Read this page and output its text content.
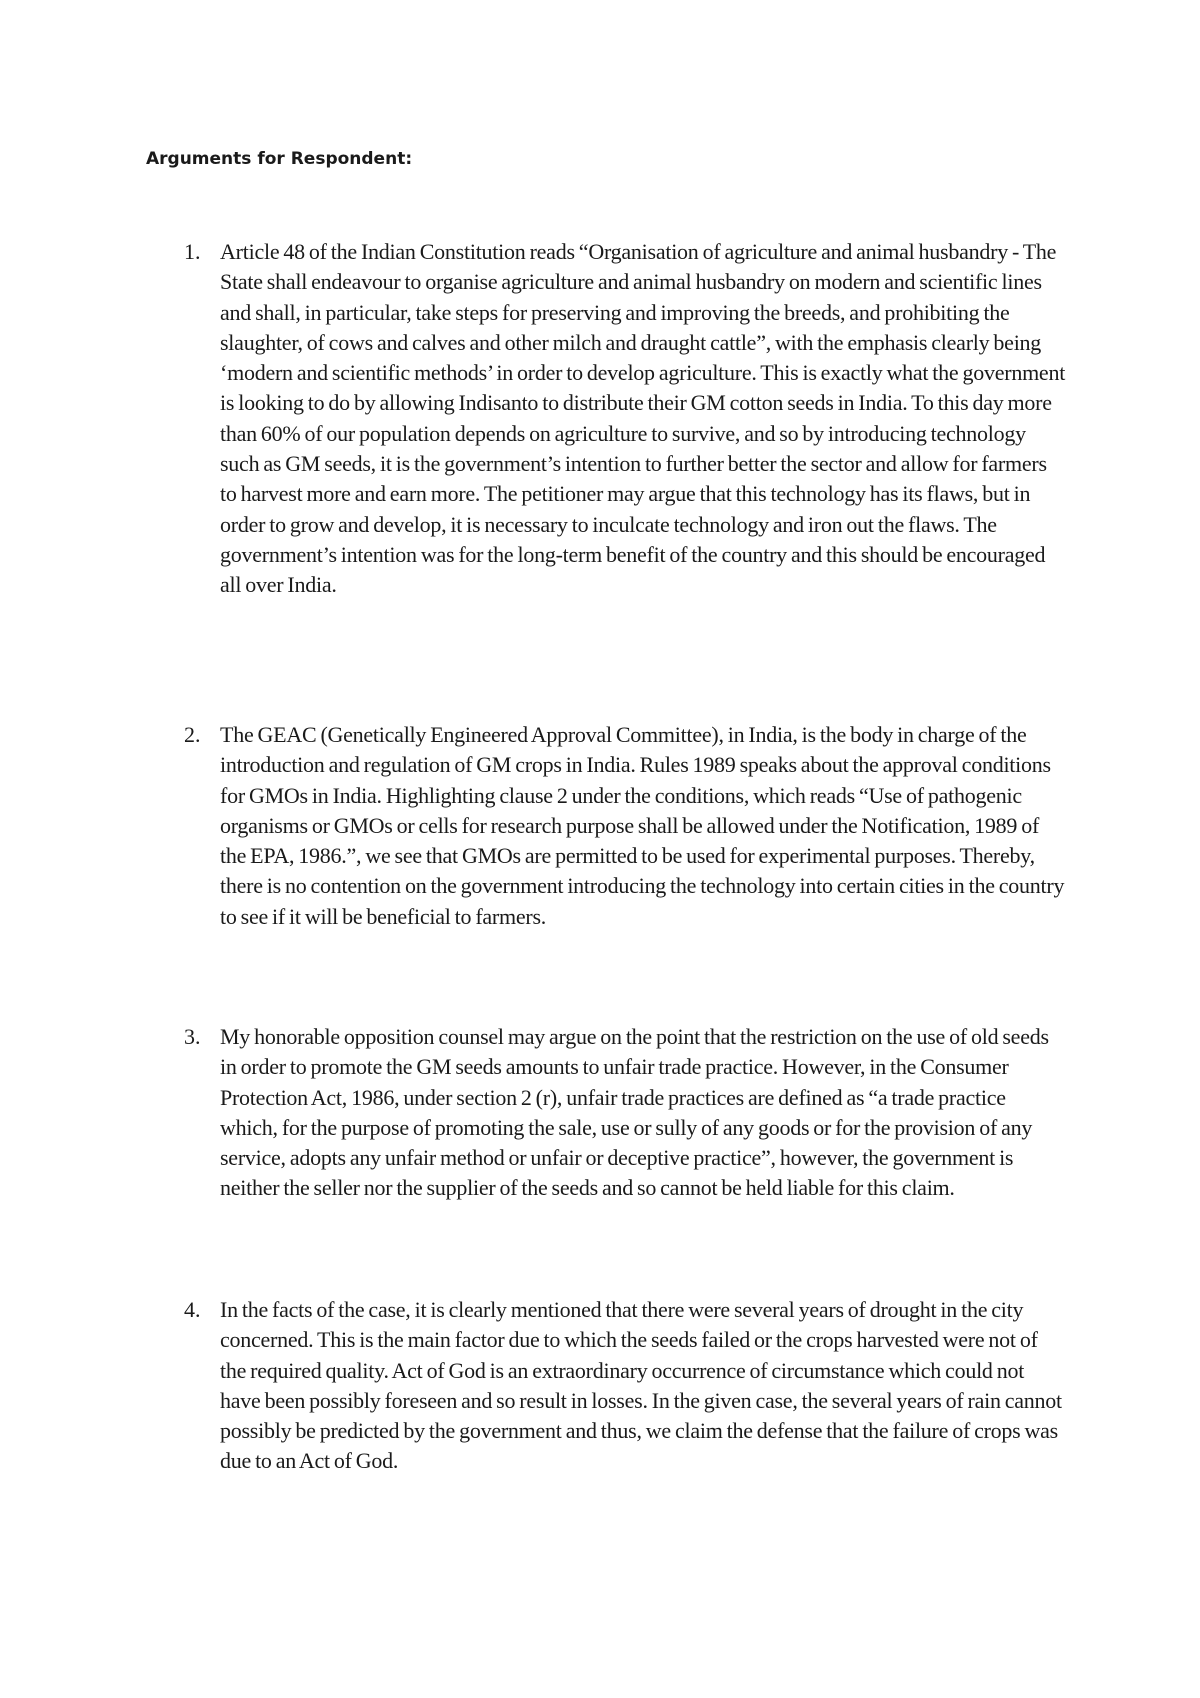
Arguments for Respondent:
1. Article 48 of the Indian Constitution reads “Organisation of agriculture and animal husbandry - The State shall endeavour to organise agriculture and animal husbandry on modern and scientific lines and shall, in particular, take steps for preserving and improving the breeds, and prohibiting the slaughter, of cows and calves and other milch and draught cattle”, with the emphasis clearly being ‘modern and scientific methods’ in order to develop agriculture. This is exactly what the government is looking to do by allowing Indisanto to distribute their GM cotton seeds in India. To this day more than 60% of our population depends on agriculture to survive, and so by introducing technology such as GM seeds, it is the government’s intention to further better the sector and allow for farmers to harvest more and earn more. The petitioner may argue that this technology has its flaws, but in order to grow and develop, it is necessary to inculcate technology and iron out the flaws. The government’s intention was for the long-term benefit of the country and this should be encouraged all over India.

2. The GEAC (Genetically Engineered Approval Committee), in India, is the body in charge of the introduction and regulation of GM crops in India. Rules 1989 speaks about the approval conditions for GMOs in India. Highlighting clause 2 under the conditions, which reads “Use of pathogenic organisms or GMOs or cells for research purpose shall be allowed under the Notification, 1989 of the EPA, 1986.”, we see that GMOs are permitted to be used for experimental purposes. Thereby, there is no contention on the government introducing the technology into certain cities in the country to see if it will be beneficial to farmers.

3. My honorable opposition counsel may argue on the point that the restriction on the use of old seeds in order to promote the GM seeds amounts to unfair trade practice. However, in the Consumer Protection Act, 1986, under section 2 (r), unfair trade practices are defined as “a trade practice which, for the purpose of promoting the sale, use or sully of any goods or for the provision of any service, adopts any unfair method or unfair or deceptive practice”, however, the government is neither the seller nor the supplier of the seeds and so cannot be held liable for this claim.

4. In the facts of the case, it is clearly mentioned that there were several years of drought in the city concerned. This is the main factor due to which the seeds failed or the crops harvested were not of the required quality. Act of God is an extraordinary occurrence of circumstance which could not have been possibly foreseen and so result in losses. In the given case, the several years of rain cannot possibly be predicted by the government and thus, we claim the defense that the failure of crops was due to an Act of God.
